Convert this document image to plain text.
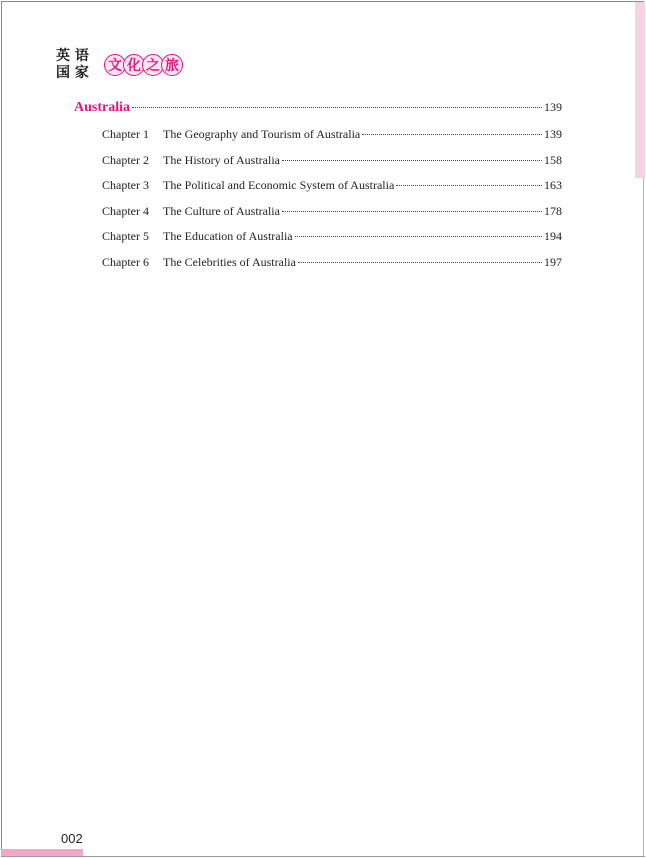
英 语
国 家 文 化 之 旅
Australia	139
Chapter 1	The Geography and Tourism of Australia	139
Chapter 2	The History of Australia	158
Chapter 3	The Political and Economic System of Australia	163
Chapter 4	The Culture of Australia	178
Chapter 5	The Education of Australia	194
Chapter 6	The Celebrities of Australia	197
002
